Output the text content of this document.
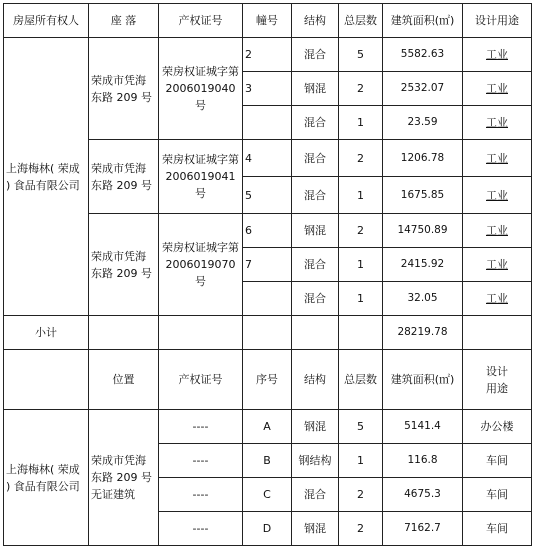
房屋所有权人	座 落	产权证号	幢号	结构	总层数	建筑面积(㎡)	设计用途
上海梅林( 荣成 ) 食品有限公司	荣成市凭海东路 209 号	荣房权证城字第 2006019040 号	2	混合	5	5582.63	工业
			3	钢混	2	2532.07	工业
				混合	1	23.59	工业
	荣成市凭海东路 209 号	荣房权证城字第 2006019041 号	4	混合	2	1206.78	工业
			5	混合	1	1675.85	工业
	荣成市凭海东路 209 号	荣房权证城字第 2006019070 号	6	钢混	2	14750.89	工业
			7	混合	1	2415.92	工业
				混合	1	32.05	工业
小计						28219.78	
	位置	产权证号	序号	结构	总层数	建筑面积(㎡)	设计用途
上海梅林( 荣成 ) 食品有限公司	荣成市凭海东路 209 号无证建筑	----	A	钢混	5	5141.4	办公楼
		----	B	钢结构	1	116.8	车间
		----	C	混合	2	4675.3	车间
		----	D	钢混	2	7162.7	车间
